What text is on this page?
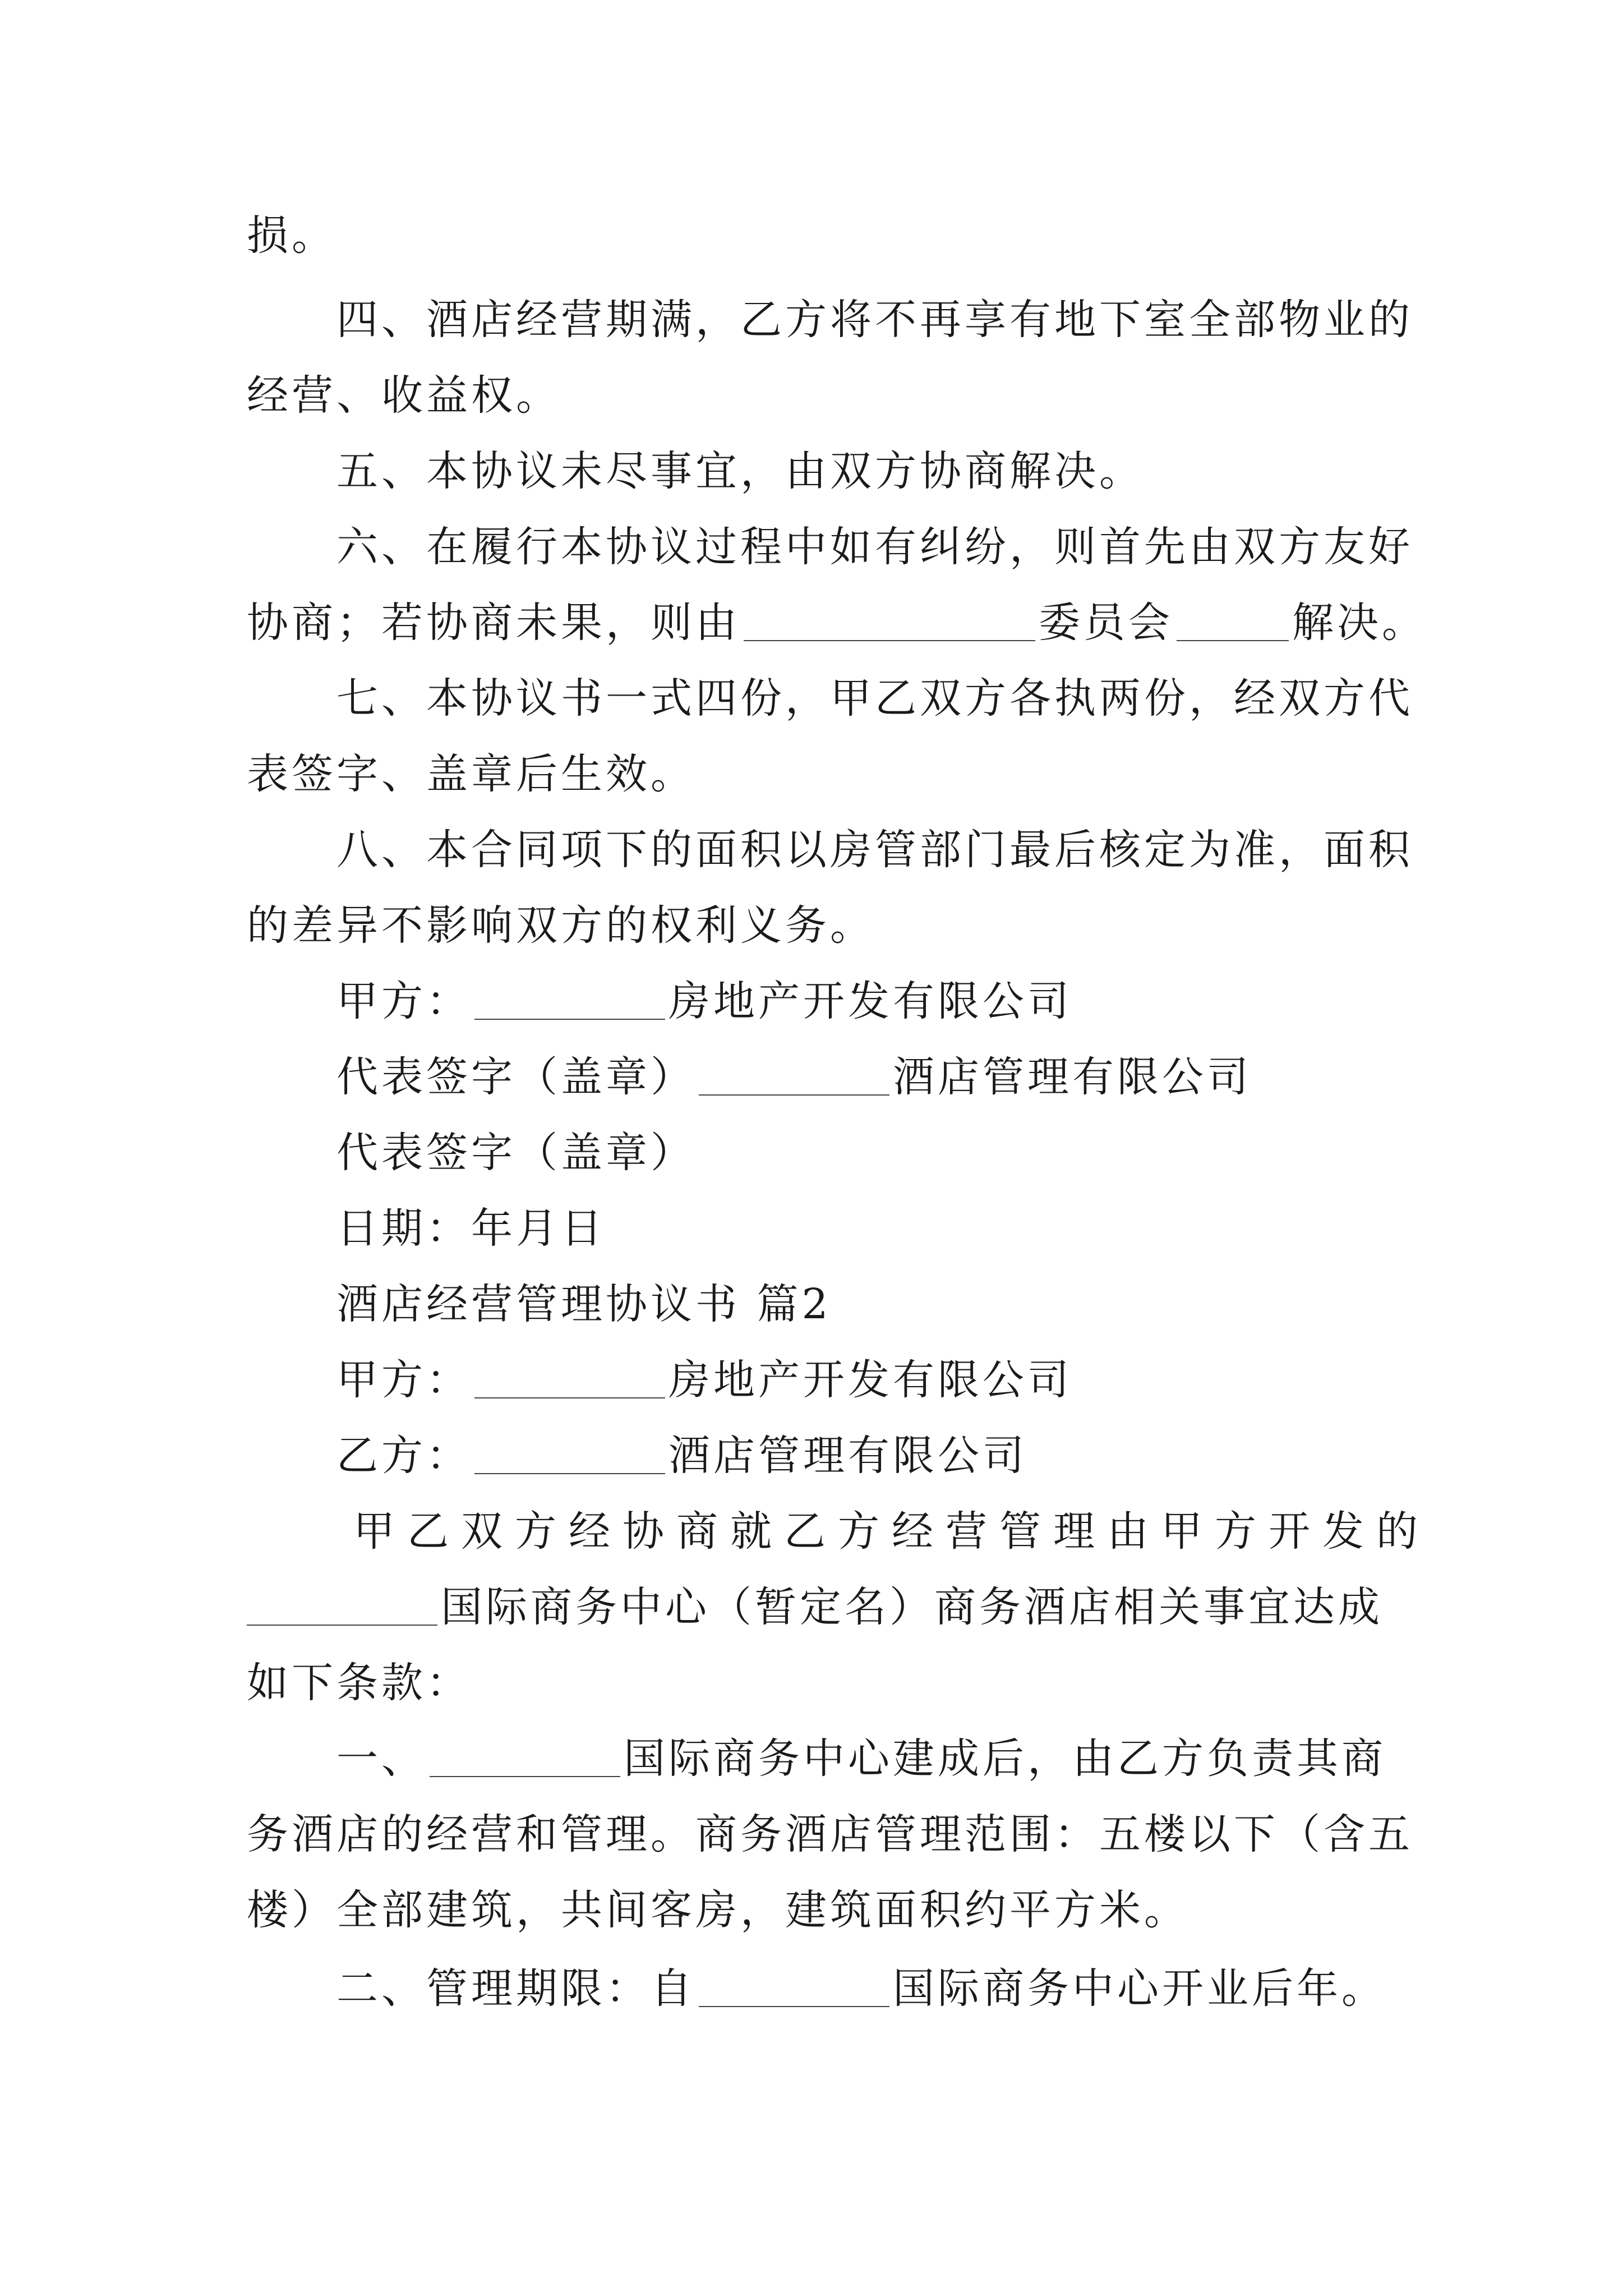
损。
四、酒店经营期满，乙方将不再享有地下室全部物业的
经营、收益权。
五、本协议未尽事宜，由双方协商解决。
六、在履行本协议过程中如有纠纷，则首先由双方友好
协商；若协商未果，则由	委员会	解决。
七、本协议书一式四份，甲乙双方各执两份，经双方代
表签字、盖章后生效。
八、本合同项下的面积以房管部门最后核定为准，面积
的差异不影响双方的权利义务。
甲方：	房地产开发有限公司
代表签字（盖章）	酒店管理有限公司
代表签字（盖章）
日期：年月日
酒店经营管理协议书 篇2
甲方：	房地产开发有限公司
乙方：	酒店管理有限公司
甲乙双方经协商就乙方经营管理由甲方开发的
国际商务中心（暂定名）商务酒店相关事宜达成
如下条款：
一、	国际商务中心建成后，由乙方负责其商
务酒店的经营和管理。商务酒店管理范围：五楼以下（含五
楼）全部建筑，共间客房，建筑面积约平方米。
二、管理期限：自	国际商务中心开业后年。
